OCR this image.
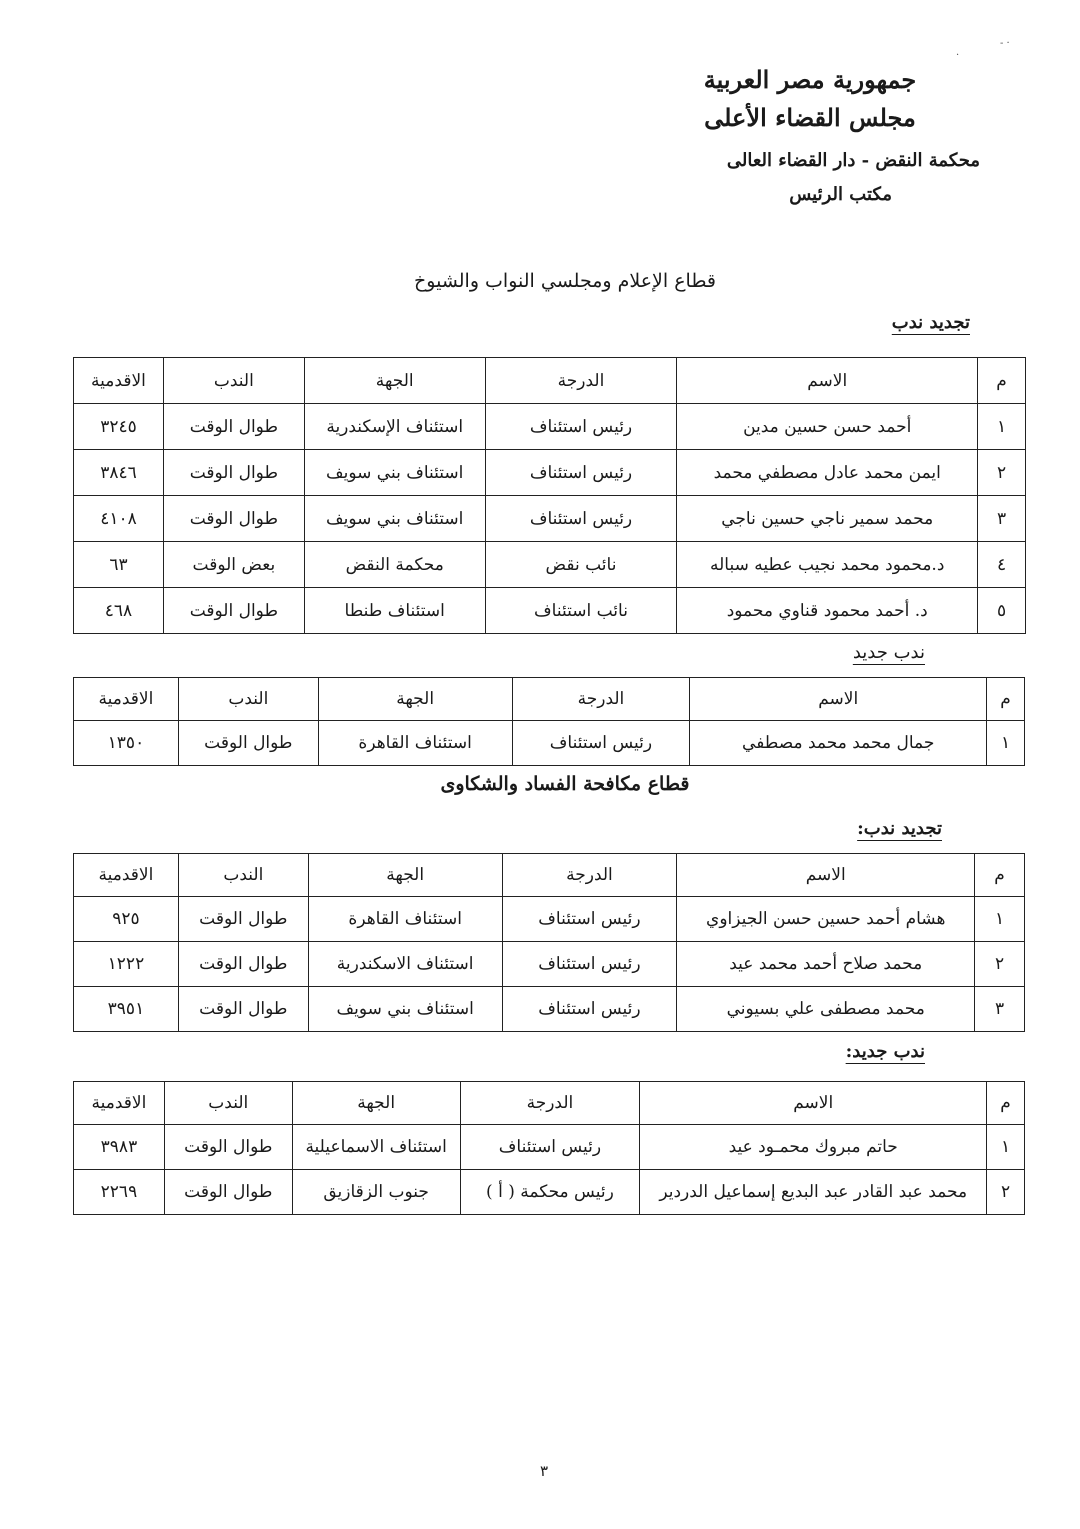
- ·
·
جمهورية مصر العربية
مجلس القضاء الأعلى
محكمة النقض - دار القضاء العالى
مكتب الرئيس
قطاع الإعلام ومجلسي النواب والشيوخ
تجديد ندب
م	الاسم	الدرجة	الجهة	الندب	الاقدمية
١	أحمد حسن حسين مدين	رئيس استئناف	استئناف الإسكندرية	طوال الوقت	٣٢٤٥
٢	ايمن محمد عادل مصطفي محمد	رئيس استئناف	استئناف بني سويف	طوال الوقت	٣٨٤٦
٣	محمد سمير ناجي حسين ناجي	رئيس استئناف	استئناف بني سويف	طوال الوقت	٤١٠٨
٤	د.محمود محمد نجيب عطيه سباله	نائب نقض	محكمة النقض	بعض الوقت	٦٣
٥	د. أحمد محمود قناوي محمود	نائب استئناف	استئناف طنطا	طوال الوقت	٤٦٨
ندب جديد
م	الاسم	الدرجة	الجهة	الندب	الاقدمية
١	جمال محمد محمد مصطفي	رئيس استئناف	استئناف القاهرة	طوال الوقت	١٣٥٠
قطاع مكافحة الفساد والشكاوى
تجديد ندب:
م	الاسم	الدرجة	الجهة	الندب	الاقدمية
١	هشام أحمد حسين حسن الجيزاوي	رئيس استئناف	استئناف القاهرة	طوال الوقت	٩٢٥
٢	محمد صلاح أحمد محمد عيد	رئيس استئناف	استئناف الاسكندرية	طوال الوقت	١٢٢٢
٣	محمد مصطفى علي بسيوني	رئيس استئناف	استئناف بني سويف	طوال الوقت	٣٩٥١
ندب جديد:
م	الاسم	الدرجة	الجهة	الندب	الاقدمية
١	حاتم مبروك محمـود عيد	رئيس استئناف	استئناف الاسماعيلية	طوال الوقت	٣٩٨٣
٢	محمد عبد القادر عبد البديع إسماعيل الدردير	رئيس محكمة ( أ )	جنوب الزقازيق	طوال الوقت	٢٢٦٩
٣
